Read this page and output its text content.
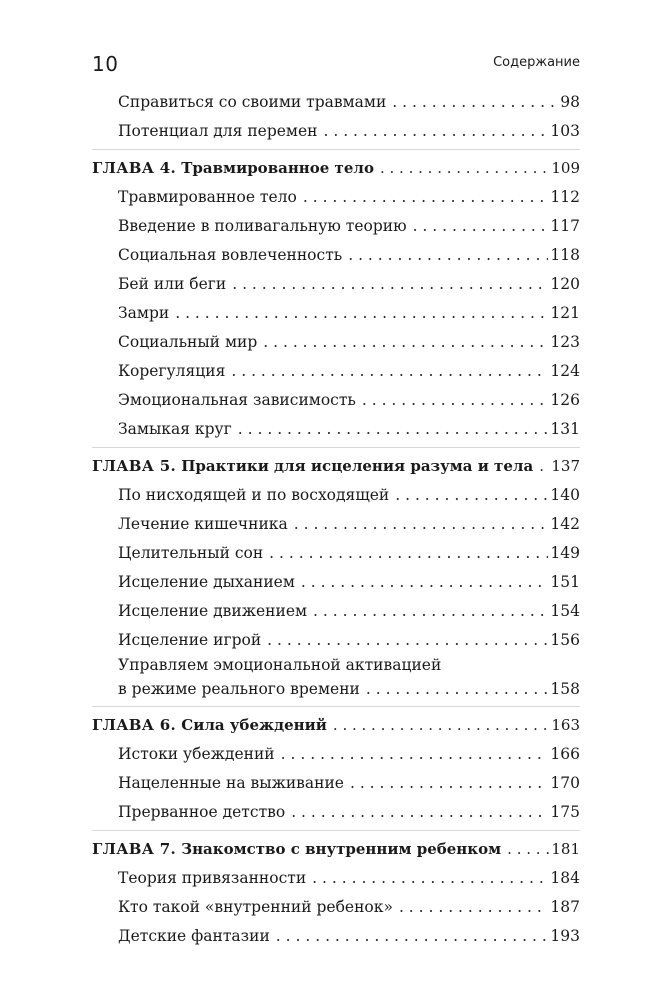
10	Содержание
Справиться со своими травмами . . .	98
Потенциал для перемен . . .	103
ГЛАВА 4. Травмированное тело . . .	109
Травмированное тело . . .	112
Введение в поливагальную теорию . . .	117
Социальная вовлеченность . . .	118
Бей или беги . . .	120
Замри . . .	121
Социальный мир . . .	123
Корегуляция . . .	124
Эмоциональная зависимость . . .	126
Замыкая круг . . .	131
ГЛАВА 5. Практики для исцеления разума и тела . . .	137
По нисходящей и по восходящей . . .	140
Лечение кишечника . . .	142
Целительный сон . . .	149
Исцеление дыханием . . .	151
Исцеление движением . . .	154
Исцеление игрой . . .	156
Управляем эмоциональной активацией
в режиме реального времени . . .	158
ГЛАВА 6. Сила убеждений . . .	163
Истоки убеждений . . .	166
Нацеленные на выживание . . .	170
Прерванное детство . . .	175
ГЛАВА 7. Знакомство с внутренним ребенком . . .	181
Теория привязанности . . .	184
Кто такой «внутренний ребенок» . . .	187
Детские фантазии . . .	193
